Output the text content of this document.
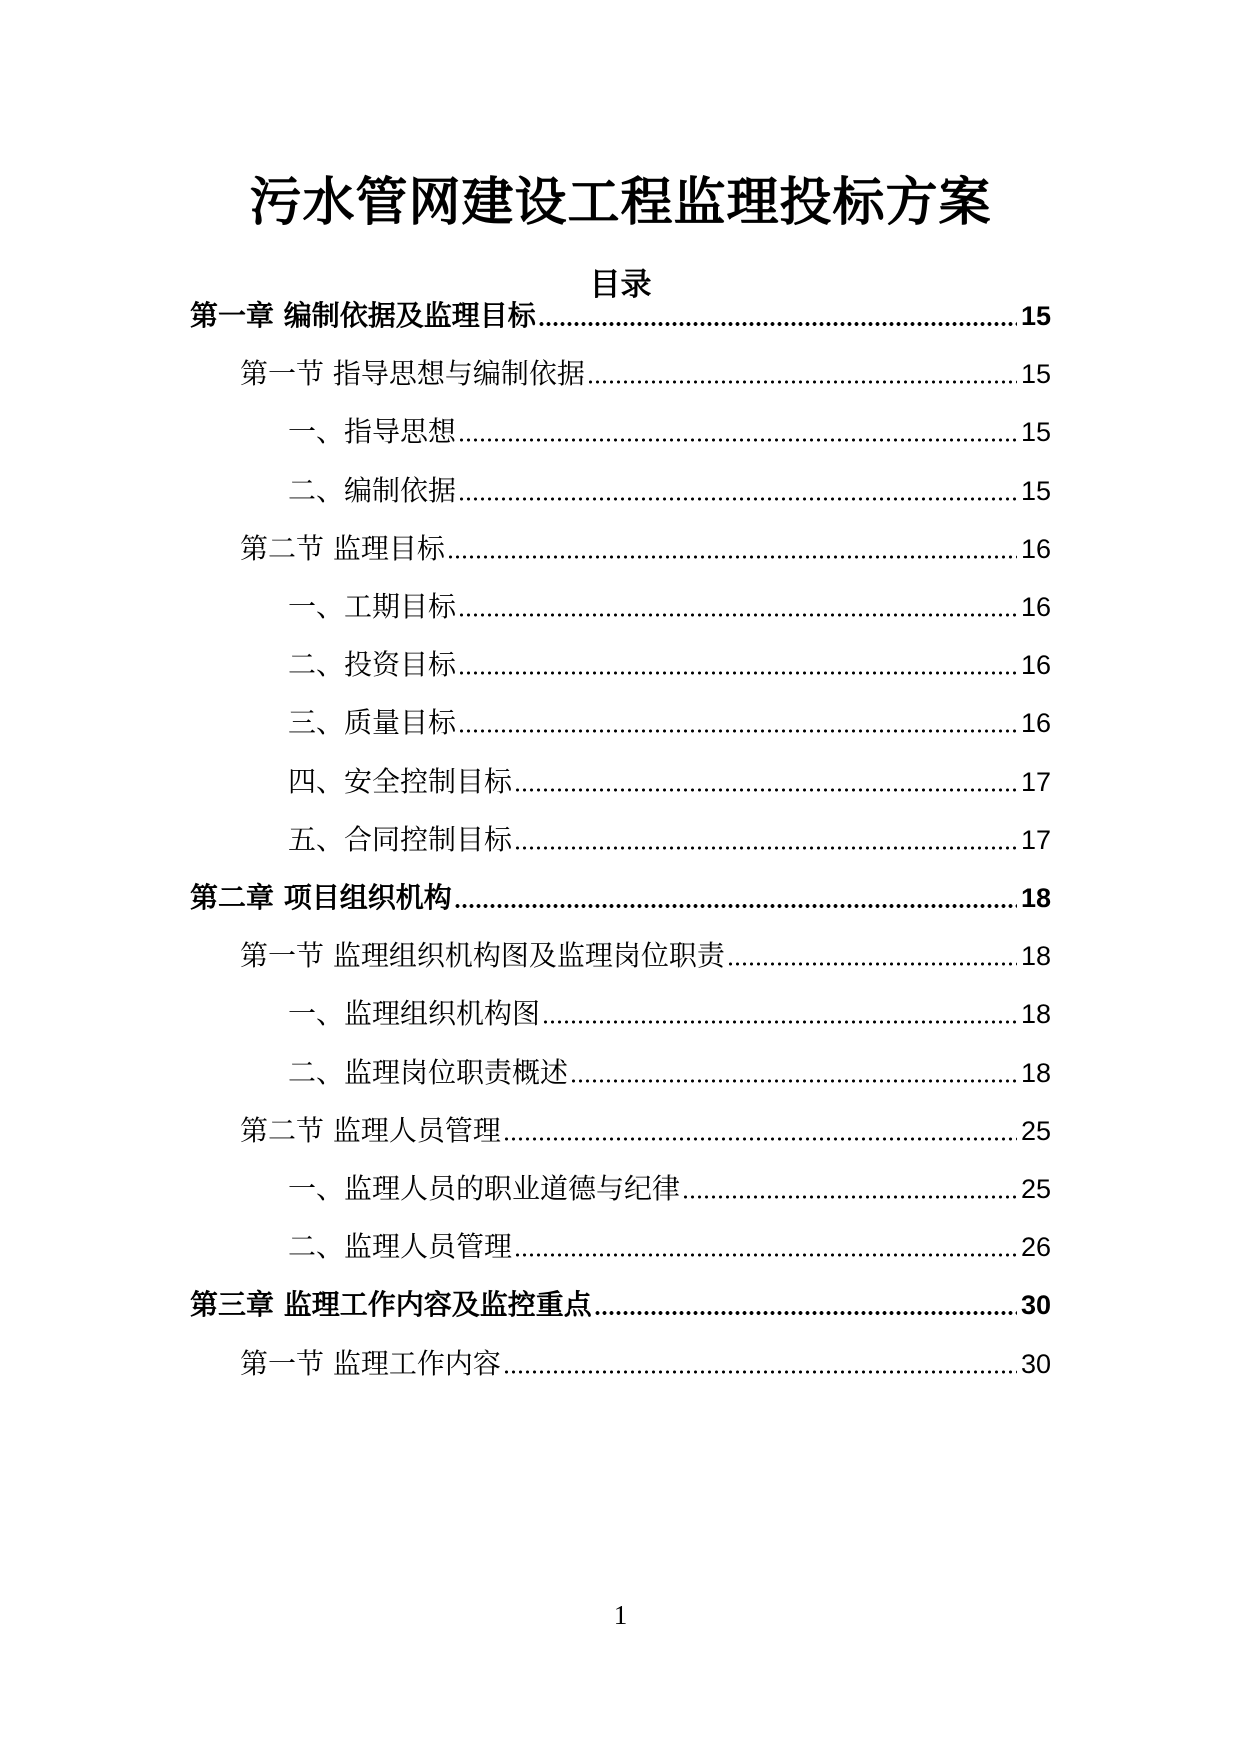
污水管网建设工程监理投标方案
目录
第一章 编制依据及监理目标	15
第一节 指导思想与编制依据	15
一、指导思想	15
二、编制依据	15
第二节 监理目标	16
一、工期目标	16
二、投资目标	16
三、质量目标	16
四、安全控制目标	17
五、合同控制目标	17
第二章 项目组织机构	18
第一节 监理组织机构图及监理岗位职责	18
一、监理组织机构图	18
二、监理岗位职责概述	18
第二节 监理人员管理	25
一、监理人员的职业道德与纪律	25
二、监理人员管理	26
第三章 监理工作内容及监控重点	30
第一节 监理工作内容	30
1
